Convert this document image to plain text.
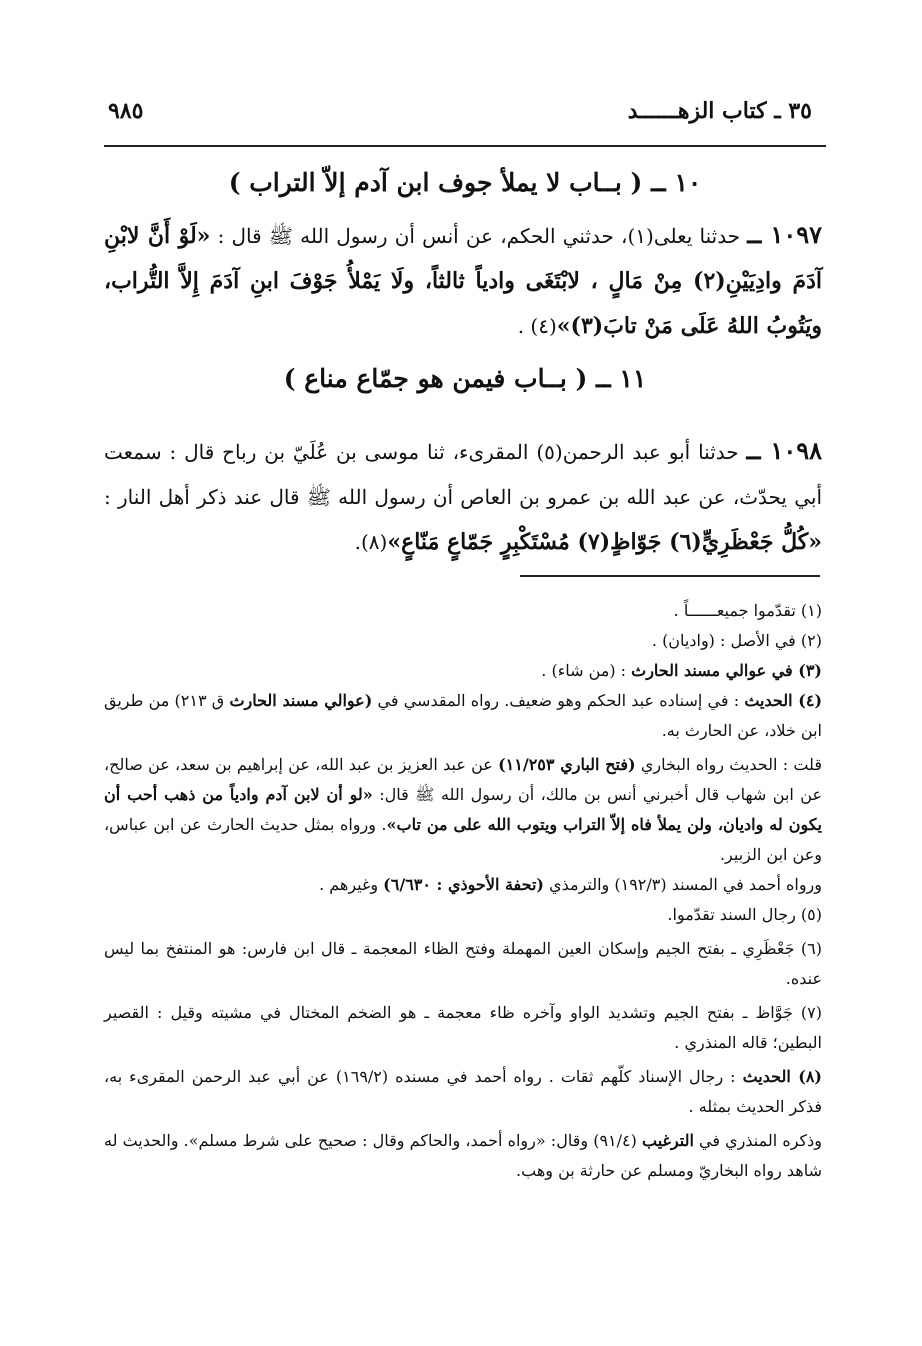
٣٥ ـ كتاب الزهــــــد
٩٨٥
١٠ ــ ( بــاب لا يملأ جوف ابن آدم إلاّ التراب )
١٠٩٧ ــ حدثنا يعلى(١)، حدثني الحكم، عن أنس أن رسول الله ﷺ قال : «لَوْ أَنَّ لابْنِ آدَمَ وادِيَيْنِ(٢) مِنْ مَالٍ ، لابْتَغَى وادياً ثالثاً، ولَا يَمْلأُ جَوْفَ ابنِ آدَمَ إِلاَّ التُّراب، ويَتُوبُ اللهُ عَلَى مَنْ تابَ(٣)»(٤) .
١١ ــ ( بــاب فيمن هو جمّاع مناع )
١٠٩٨ ــ حدثنا أبو عبد الرحمن(٥) المقرىء، ثنا موسى بن عُلَيّ بن رباح قال : سمعت أبي يحدّث، عن عبد الله بن عمرو بن العاص أن رسول الله ﷺ قال عند ذكر أهل النار : «كُلُّ جَعْظَرِيٍّ(٦) جَوّاظٍ(٧) مُسْتَكْبِرٍ جَمّاعٍ مَنّاعٍ»(٨).

(١) تقدّموا جميعــــــاً .

(٢) في الأصل : (واديان) .

(٣) في عوالي مسند الحارث : (من شاء) .

(٤) الحديث : في إسناده عبد الحكم وهو ضعيف. رواه المقدسي في (عوالي مسند الحارث ق ٢١٣) من طريق ابن خلاد، عن الحارث به.

قلت : الحديث رواه البخاري (فتح الباري ١١/٢٥٣) عن عبد العزيز بن عبد الله، عن إبراهيم بن سعد، عن صالح، عن ابن شهاب قال أخبرني أنس بن مالك، أن رسول الله ﷺ قال: «لو أن لابن آدم وادياً من ذهب أحب أن يكون له واديان، ولن يملأ فاه إلاّ التراب ويتوب الله على من تاب». ورواه بمثل حديث الحارث عن ابن عباس، وعن ابن الزبير.

ورواه أحمد في المسند (١٩٢/٣) والترمذي (تحفة الأحوذي : ٦/٦٣٠) وغيرهم .

(٥) رجال السند تقدّموا.

(٦) جَعْظَرِي ـ بفتح الجيم وإسكان العين المهملة وفتح الظاء المعجمة ـ قال ابن فارس: هو المنتفخ بما ليس عنده.

(٧) جَوَّاظ ـ بفتح الجيم وتشديد الواو وآخره ظاء معجمة ـ هو الضخم المختال في مشيته وقيل : القصير البطين؛ قاله المنذري .

(٨) الحديث : رجال الإسناد كلّهم ثقات . رواه أحمد في مسنده (١٦٩/٢) عن أبي عبد الرحمن المقرىء به، فذكر الحديث بمثله .

وذكره المنذري في الترغيب (٩١/٤) وقال: «رواه أحمد، والحاكم وقال : صحيح على شرط مسلم». والحديث له شاهد رواه البخاريّ ومسلم عن حارثة بن وهب.
